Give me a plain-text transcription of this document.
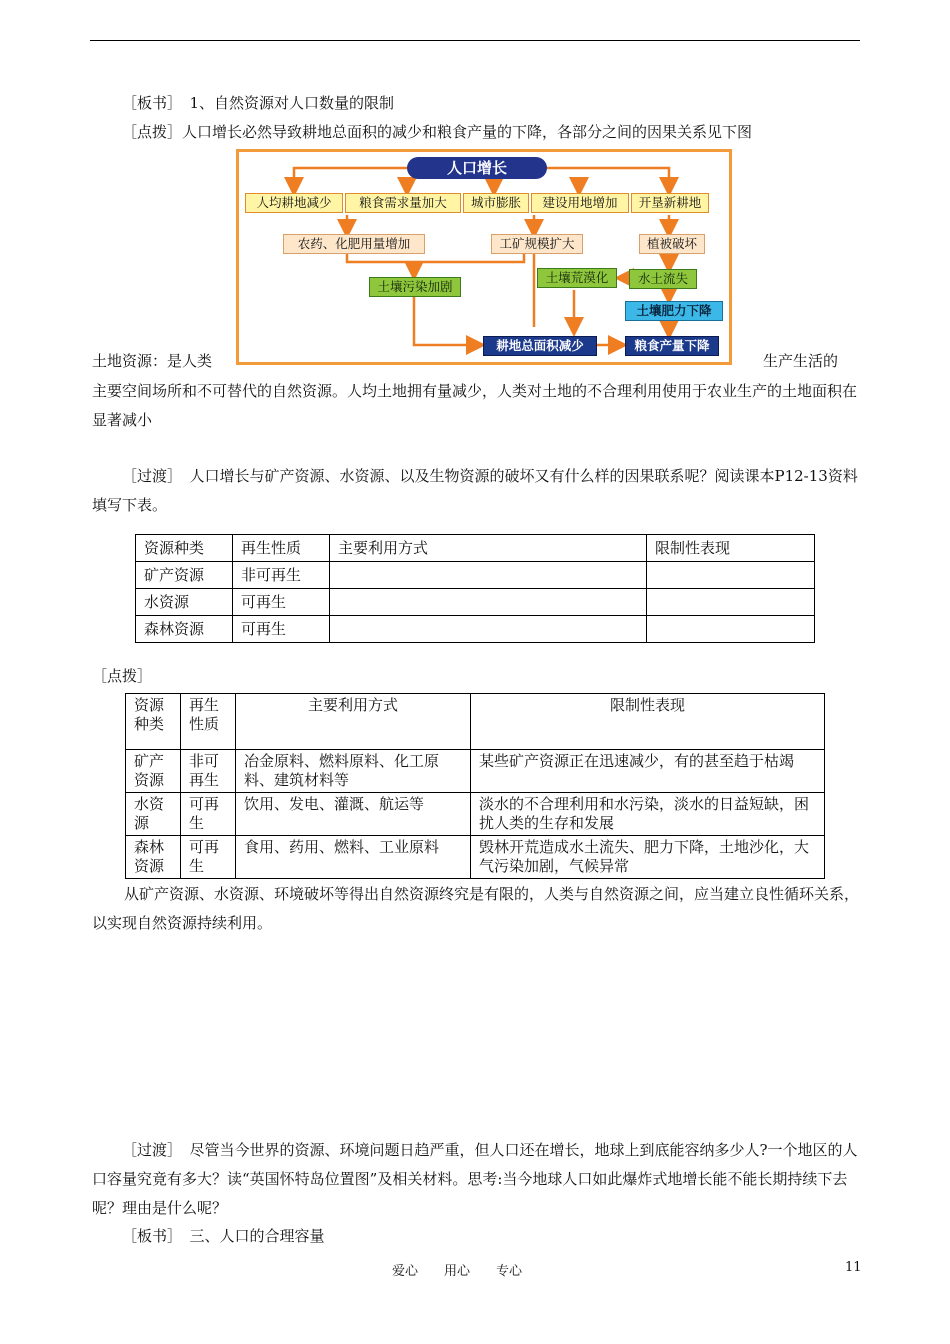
［板书］　1、自然资源对人口数量的限制
［点拨］人口增长必然导致耕地总面积的减少和粮食产量的下降，各部分之间的因果关系见下图
人口增长
人均耕地减少	粮食需求量加大	城市膨胀	建设用地增加	开垦新耕地
农药、化肥用量增加	工矿规模扩大	植被破坏
土壤污染加剧
土壤荒漠化	水土流失
土壤肥力下降
耕地总面积减少	粮食产量下降
土地资源：是人类	生产生活的
主要空间场所和不可替代的自然资源。人均土地拥有量减少，人类对土地的不合理利用使用于农业生产的土地面积在显著减小
［过渡］　人口增长与矿产资源、水资源、以及生物资源的破坏又有什么样的因果联系呢？阅读课本P12-13资料填写下表。
资源种类	再生性质	主要利用方式	限制性表现
矿产资源	非可再生		
水资源	可再生		
森林资源	可再生		
［点拨］
资源种类	再生性质	主要利用方式	限制性表现
矿产资源	非可再生	冶金原料、燃料原料、化工原料、建筑材料等	某些矿产资源正在迅速减少，有的甚至趋于枯竭
水资源	可再生	饮用、发电、灌溉、航运等	淡水的不合理利用和水污染，淡水的日益短缺，困扰人类的生存和发展
森林资源	可再生	食用、药用、燃料、工业原料	毁林开荒造成水土流失、肥力下降，土地沙化，大气污染加剧，气候异常
从矿产资源、水资源、环境破坏等得出自然资源终究是有限的，人类与自然资源之间，应当建立良性循环关系，以实现自然资源持续利用。
［过渡］　尽管当今世界的资源、环境问题日趋严重，但人口还在增长，地球上到底能容纳多少人?一个地区的人口容量究竟有多大？读“英国怀特岛位置图”及相关材料。思考:当今地球人口如此爆炸式地增长能不能长期持续下去呢？理由是什么呢？
［板书］　三、人口的合理容量
爱心　　用心　　专心	11
